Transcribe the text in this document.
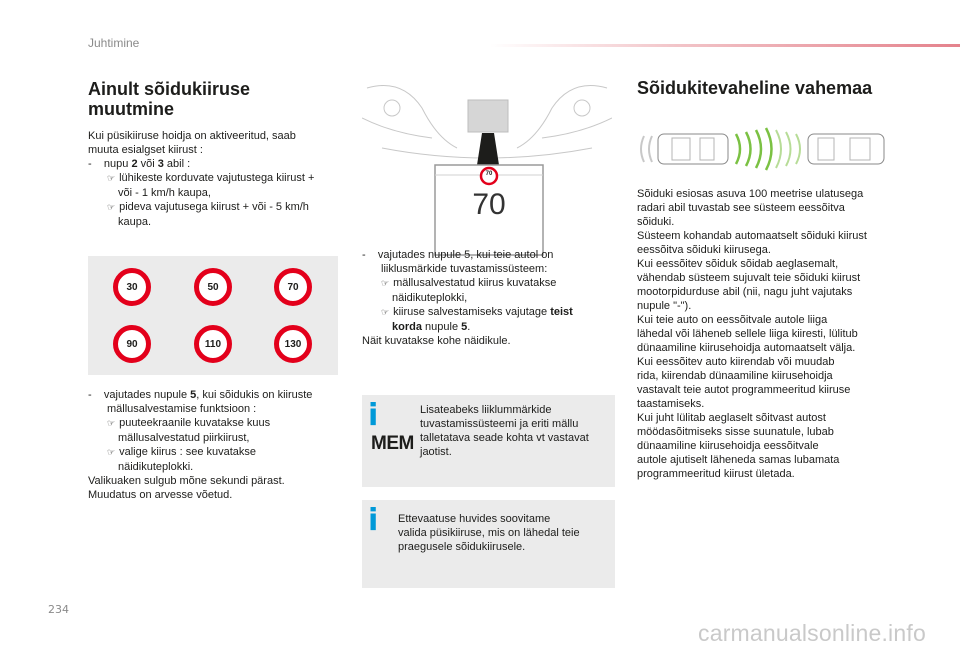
Juhtimine
Ainult sõidukiiruse
muutmine

Kui püsikiiruse hoidja on aktiveeritud, saab

muuta esialgset kiirust :

- nupu 2 või 3 abil :

☞ lühikeste korduvate vajutustega kiirust +

või - 1 km/h kaupa,

☞ pideva vajutusega kiirust + või - 5 km/h

kaupa.

30	50	70
90	110	130

- vajutades nupule 5, kui sõidukis on kiiruste

mällusalvestamise funktsioon :

☞ puuteekraanile kuvatakse kuus

mällusalvestatud piirkiirust,

☞ valige kiirus : see kuvatakse

näidikuteplokki.

Valikuaken sulgub mõne sekundi pärast.

Muudatus on arvesse võetud.

70
70

- vajutades nupule 5, kui teie autol on

liiklusmärkide tuvastamissüsteem:

☞ mällusalvestatud kiirus kuvatakse

näidikuteplokki,

☞ kiiruse salvestamiseks vajutage teist

korda nupule 5.

Näit kuvatakse kohe näidikule.

i
MEM

Lisateabeks liiklummärkide

tuvastamissüsteemi ja eriti mällu

talletatava seade kohta vt vastavat

jaotist.

i Ettevaatuse huvides soovitame

valida püsikiiruse, mis on lähedal teie

praegusele sõidukiirusele.

Sõidukitevaheline vahemaa

Sõiduki esiosas asuva 100 meetrise ulatusega

radari abil tuvastab see süsteem eessõitva

sõiduki.

Süsteem kohandab automaatselt sõiduki kiirust

eessõitva sõiduki kiirusega.

Kui eessõitev sõiduk sõidab aeglasemalt,

vähendab süsteem sujuvalt teie sõiduki kiirust

mootorpidurduse abil (nii, nagu juht vajutaks

nupule "-").

Kui teie auto on eessõitvale autole liiga

lähedal või läheneb sellele liiga kiiresti, lülitub

dünaamiline kiirusehoidja automaatselt välja.

Kui eessõitev auto kiirendab või muudab

rida, kiirendab dünaamiline kiirusehoidja

vastavalt teie autot programmeeritud kiiruse

taastamiseks.

Kui juht lülitab aeglaselt sõitvast autost

möödasõitmiseks sisse suunatule, lubab

dünaamiline kiirusehoidja eessõitvale

autole ajutiselt läheneda samas lubamata

programmeeritud kiirust ületada.

234
carmanualsonline.info
